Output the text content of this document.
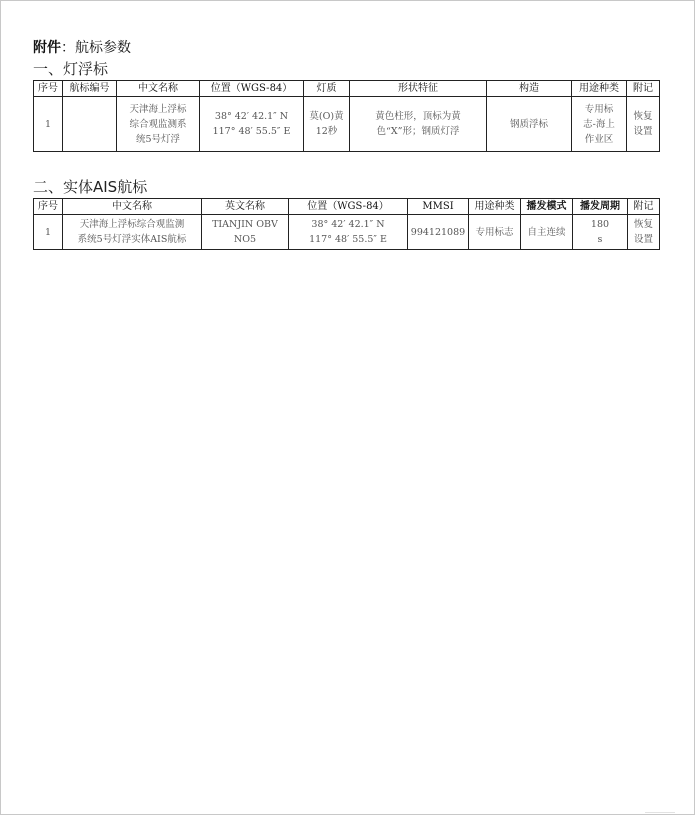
附件：航标参数
一、灯浮标
序号	航标编号	中文名称	位置（WGS-84）	灯质	形状特征	构造	用途种类	附记
1		天津海上浮标
综合观监测系
统5号灯浮	38° 42′ 42.1″ N
117° 48′ 55.5″ E	莫(O)黄
12秒	黄色柱形，顶标为黄
色“X”形；钢质灯浮	钢质浮标	专用标
志-海上
作业区	恢复
设置
二、实体AIS航标
序号	中文名称	英文名称	位置（WGS-84）	MMSI	用途种类	播发模式	播发周期	附记
1	天津海上浮标综合观监测
系统5号灯浮实体AIS航标	TIANJIN OBV
NO5	38° 42′ 42.1″ N
117° 48′ 55.5″ E	994121089	专用标志	自主连续	180
s	恢复
设置
